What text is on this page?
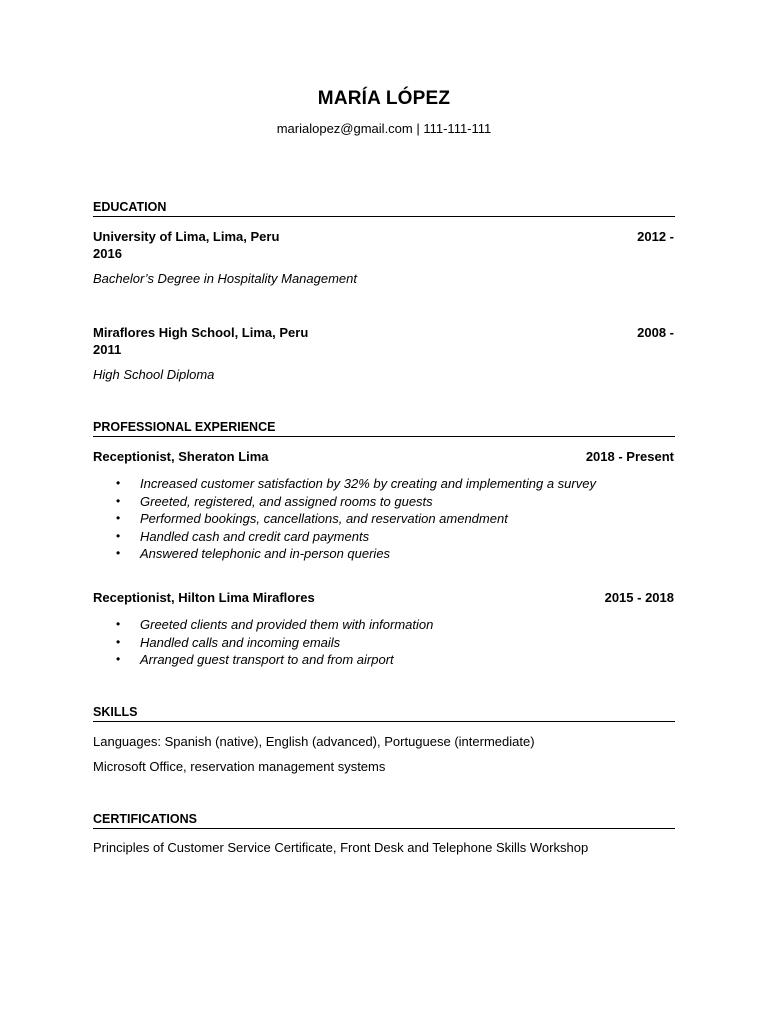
MARÍA LÓPEZ
marialopez@gmail.com | 111-111-111
EDUCATION
University of Lima, Lima, Peru	2012 -
2016
Bachelor’s Degree in Hospitality Management
Miraflores High School, Lima, Peru	2008 -
2011
High School Diploma
PROFESSIONAL EXPERIENCE
Receptionist, Sheraton Lima	2018 - Present
• Increased customer satisfaction by 32% by creating and implementing a survey
• Greeted, registered, and assigned rooms to guests
• Performed bookings, cancellations, and reservation amendment
• Handled cash and credit card payments
• Answered telephonic and in-person queries
Receptionist, Hilton Lima Miraflores	2015 - 2018
• Greeted clients and provided them with information
• Handled calls and incoming emails
• Arranged guest transport to and from airport
SKILLS
Languages: Spanish (native), English (advanced), Portuguese (intermediate)
Microsoft Office, reservation management systems
CERTIFICATIONS
Principles of Customer Service Certificate, Front Desk and Telephone Skills Workshop
